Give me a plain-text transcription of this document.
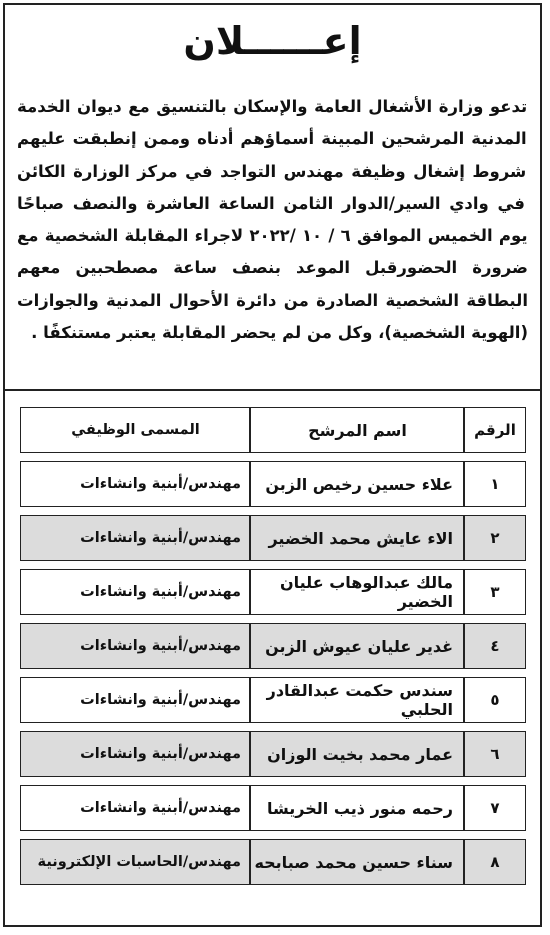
إعــــــلان
تدعو وزارة الأشغال العامة والإسكان بالتنسيق مع ديوان الخدمة المدنية المرشحين المبينة أسماؤهم أدناه وممن إنطبقت عليهم شروط إشغال وظيفة مهندس التواجد في مركز الوزارة الكائن في وادي السير/الدوار الثامن الساعة العاشرة والنصف صباحًا يوم الخميس الموافق ٦ / ١٠ /٢٠٢٢ لاجراء المقابلة الشخصية مع ضرورة الحضورقبل الموعد بنصف ساعة مصطحبين معهم البطاقة الشخصية الصادرة من دائرة الأحوال المدنية والجوازات (الهوية الشخصية)، وكل من لم يحضر المقابلة يعتبر مستنكفًا .
الرقم	اسم المرشح	المسمى الوظيفي
١	علاء حسين رخيص الزبن	مهندس/أبنية وانشاءات
٢	الاء عايش محمد الخضير	مهندس/أبنية وانشاءات
٣	مالك عبدالوهاب عليان الخضير	مهندس/أبنية وانشاءات
٤	غدير عليان عيوش الزبن	مهندس/أبنية وانشاءات
٥	سندس حكمت عبدالقادر الحلبي	مهندس/أبنية وانشاءات
٦	عمار محمد بخيت الوزان	مهندس/أبنية وانشاءات
٧	رحمه منور ذيب الخريشا	مهندس/أبنية وانشاءات
٨	سناء حسين محمد صبابحه	مهندس/الحاسبات الإلكترونية
